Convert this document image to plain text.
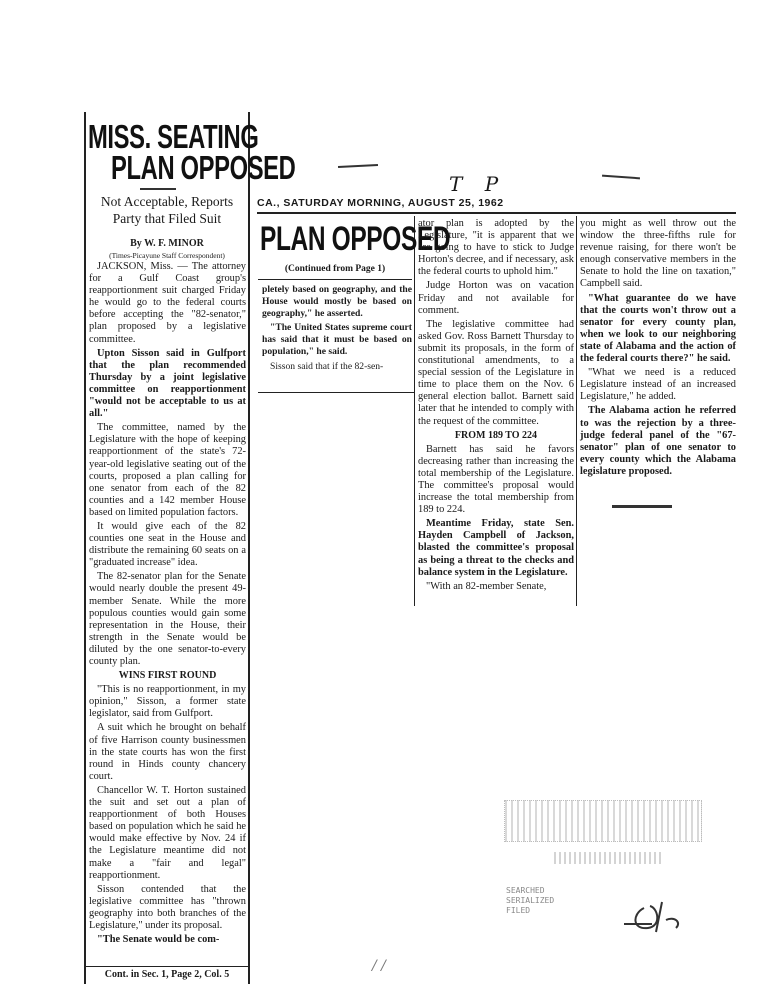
MISS. SEATING
PLAN OPPOSED
Not Acceptable, Reports
Party that Filed Suit
By W. F. MINOR
(Times-Picayune Staff Correspondent)

JACKSON, Miss. — The attorney for a Gulf Coast group's reapportionment suit charged Friday he would go to the federal courts before accepting the "82-senator," plan proposed by a legislative committee.

Upton Sisson said in Gulfport that the plan recommended Thursday by a joint legislative committee on reapportionment "would not be acceptable to us at all."

The committee, named by the Legislature with the hope of keeping reapportionment of the state's 72-year-old legislative seating out of the courts, proposed a plan calling for one senator from each of the 82 counties and a 142 member House based on limited population factors.

It would give each of the 82 counties one seat in the House and distribute the remaining 60 seats on a "graduated increase" idea.

The 82-senator plan for the Senate would nearly double the present 49-member Senate. While the more populous counties would gain some representation in the House, their strength in the Senate would be diluted by the one senator-to-every county plan.

WINS FIRST ROUND

"This is no reapportionment, in my opinion," Sisson, a former state legislator, said from Gulfport.

A suit which he brought on behalf of five Harrison county businessmen in the state courts has won the first round in Hinds county chancery court.

Chancellor W. T. Horton sustained the suit and set out a plan of reapportionment of both Houses based on population which he said he would make effective by Nov. 24 if the Legislature meantime did not make a "fair and legal" reapportionment.

Sisson contended that the legislative committee has "thrown geography into both branches of the Legislature," under its proposal.

"The Senate would be com-

Cont. in Sec. 1, Page 2, Col. 5
T P
CA., SATURDAY MORNING, AUGUST 25, 1962
PLAN OPPOSED
(Continued from Page 1)

pletely based on geography, and the House would mostly be based on geography," he asserted.

"The United States supreme court has said that it must be based on population," he said.

Sisson said that if the 82-sen-

ator plan is adopted by the Legislature, "it is apparent that we are going to have to stick to Judge Horton's decree, and if necessary, ask the federal courts to uphold him."

Judge Horton was on vacation Friday and not available for comment.

The legislative committee had asked Gov. Ross Barnett Thursday to submit its proposals, in the form of constitutional amendments, to a special session of the Legislature in time to place them on the Nov. 6 general election ballot. Barnett said later that he intended to comply with the request of the committee.

FROM 189 TO 224

Barnett has said he favors decreasing rather than increasing the total membership of the Legislature. The committee's proposal would increase the total membership from 189 to 224.

Meantime Friday, state Sen. Hayden Campbell of Jackson, blasted the committee's proposal as being a threat to the checks and balance system in the Legislature.

"With an 82-member Senate,

you might as well throw out the window the three-fifths rule for revenue raising, for there won't be enough conservative members in the Senate to hold the line on taxation," Campbell said.

"What guarantee do we have that the courts won't throw out a senator for every county plan, when we look to our neighboring state of Alabama and the action of the federal courts there?" he said.

"What we need is a reduced Legislature instead of an increased Legislature," he added.

The Alabama action he referred to was the rejection by a three-judge federal panel of the "67-senator" plan of one senator to every county which the Alabama legislature proposed.

SEARCHED
SERIALIZED
FILED
/ /
